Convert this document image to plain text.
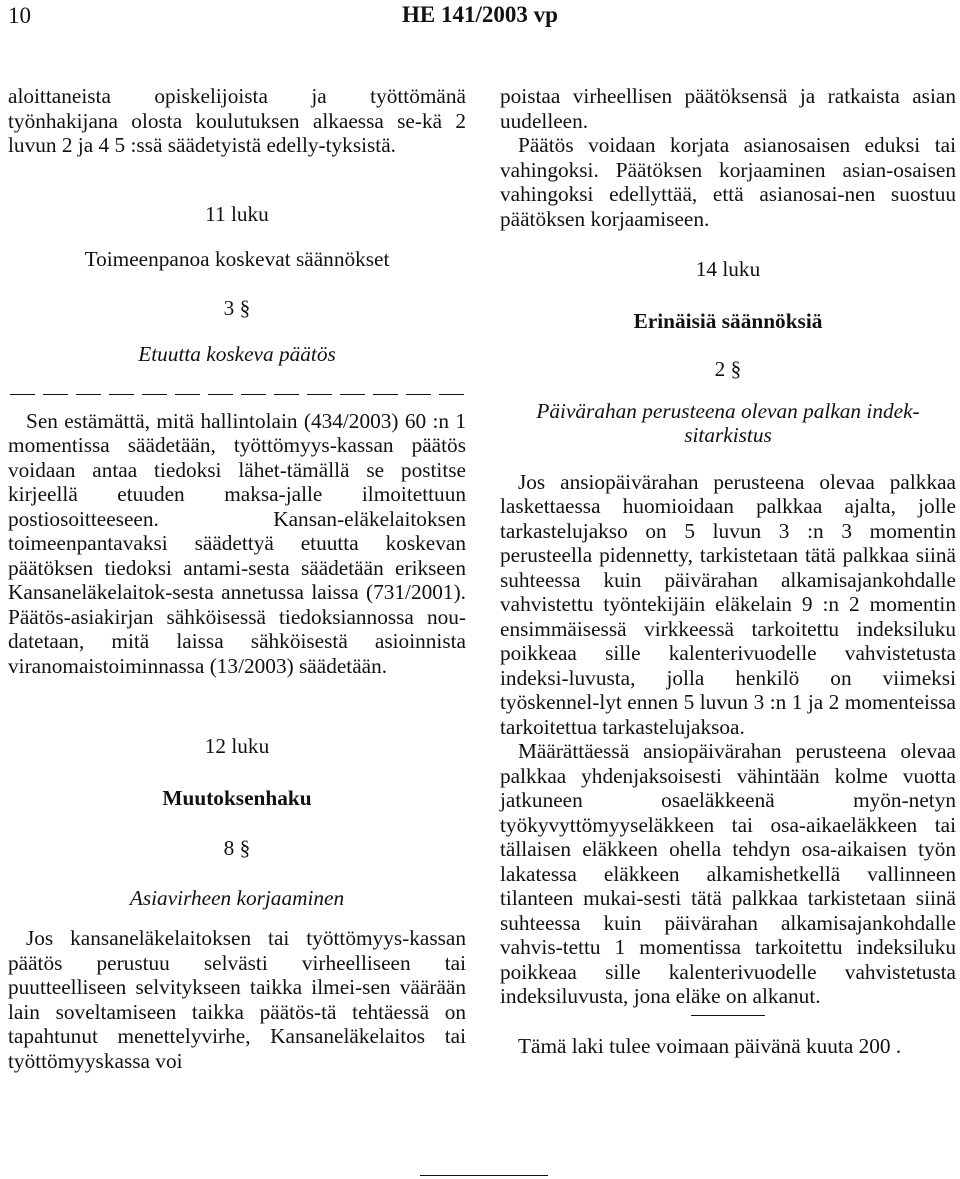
10	HE 141/2003 vp

aloittaneista opiskelijoista ja työttömänä työnhakijana olosta koulutuksen alkaessa se-kä 2 luvun 2 ja 4 5 :ssä säädetyistä edelly-tyksistä.

11 luku

Toimeenpanoa koskevat säännökset

3 §

Etuutta koskeva päätös

Sen estämättä, mitä hallintolain (434/2003) 60 :n 1 momentissa säädetään, työttömyys-kassan päätös voidaan antaa tiedoksi lähet-tämällä se postitse kirjeellä etuuden maksa-jalle ilmoitettuun postiosoitteeseen. Kansan-eläkelaitoksen toimeenpantavaksi säädettyä etuutta koskevan päätöksen tiedoksi antami-sesta säädetään erikseen Kansaneläkelaitok-sesta annetussa laissa (731/2001). Päätös-asiakirjan sähköisessä tiedoksiannossa nou-datetaan, mitä laissa sähköisestä asioinnista viranomaistoiminnassa (13/2003) säädetään.

12 luku

Muutoksenhaku

8 §

Asiavirheen korjaaminen

Jos kansaneläkelaitoksen tai työttömyys-kassan päätös perustuu selvästi virheelliseen tai puutteelliseen selvitykseen taikka ilmei-sen väärään lain soveltamiseen taikka päätös-tä tehtäessä on tapahtunut menettelyvirhe, Kansaneläkelaitos tai työttömyyskassa voi

poistaa virheellisen päätöksensä ja ratkaista asian uudelleen.

Päätös voidaan korjata asianosaisen eduksi tai vahingoksi. Päätöksen korjaaminen asian-osaisen vahingoksi edellyttää, että asianosai-nen suostuu päätöksen korjaamiseen.

14 luku

Erinäisiä säännöksiä

2 §

Päivärahan perusteena olevan palkan indek-sitarkistus

Jos ansiopäivärahan perusteena olevaa palkkaa laskettaessa huomioidaan palkkaa ajalta, jolle tarkastelujakso on 5 luvun 3 :n 3 momentin perusteella pidennetty, tarkistetaan tätä palkkaa siinä suhteessa kuin päivärahan alkamisajankohdalle vahvistettu työntekijäin eläkelain 9 :n 2 momentin ensimmäisessä virkkeessä tarkoitettu indeksiluku poikkeaa sille kalenterivuodelle vahvistetusta indeksi-luvusta, jolla henkilö on viimeksi työskennel-lyt ennen 5 luvun 3 :n 1 ja 2 momenteissa tarkoitettua tarkastelujaksoa.

Määrättäessä ansiopäivärahan perusteena olevaa palkkaa yhdenjaksoisesti vähintään kolme vuotta jatkuneen osaeläkkeenä myön-netyn työkyvyttömyyseläkkeen tai osa-aikaeläkkeen tai tällaisen eläkkeen ohella tehdyn osa-aikaisen työn lakatessa eläkkeen alkamishetkellä vallinneen tilanteen mukai-sesti tätä palkkaa tarkistetaan siinä suhteessa kuin päivärahan alkamisajankohdalle vahvis-tettu 1 momentissa tarkoitettu indeksiluku poikkeaa sille kalenterivuodelle vahvistetusta indeksiluvusta, jona eläke on alkanut.

Tämä laki tulee voimaan päivänä kuuta 200 .
